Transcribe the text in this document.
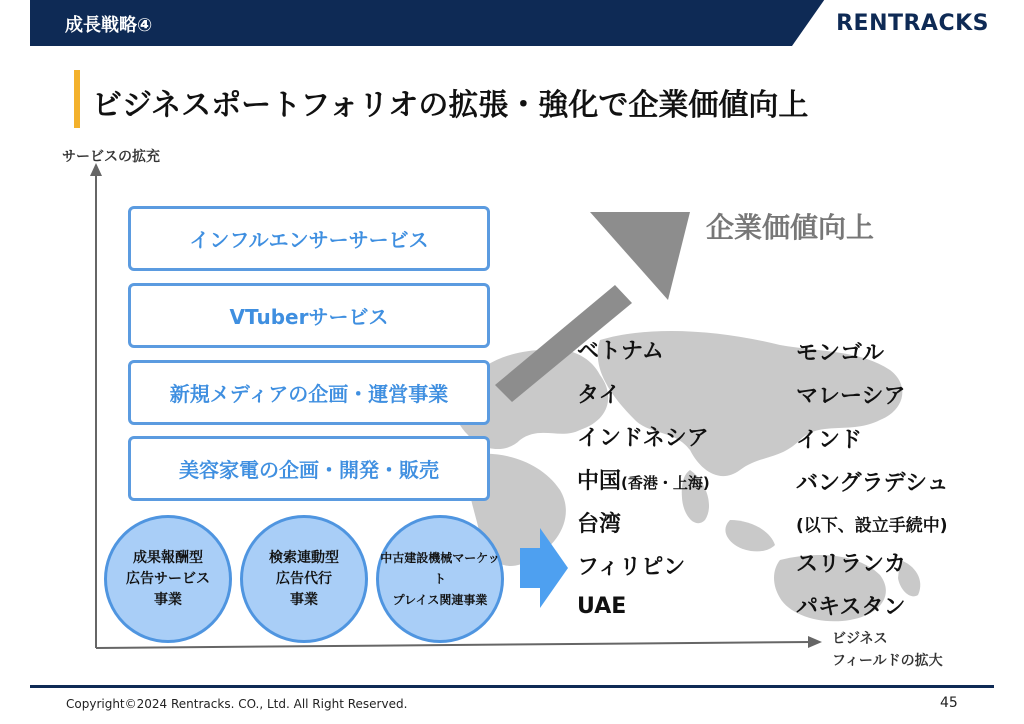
成長戦略④	RENTRACKS
ビジネスポートフォリオの拡張・強化で企業価値向上
サービスの拡充
ビジネス
フィールドの拡大
インフルエンサーサービス
VTuberサービス
新規メディアの企画・運営事業
美容家電の企画・開発・販売
成果報酬型
広告サービス
事業
検索連動型
広告代行
事業
中古建設機械マーケット
プレイス関連事業
企業価値向上
ベトナム
タイ
インドネシア
中国(香港・上海)
台湾
フィリピン
UAE
モンゴル
マレーシア
インド
バングラデシュ
(以下、設立手続中)
スリランカ
パキスタン
Copyright©2024 Rentracks. CO., Ltd. All Right Reserved.	45
